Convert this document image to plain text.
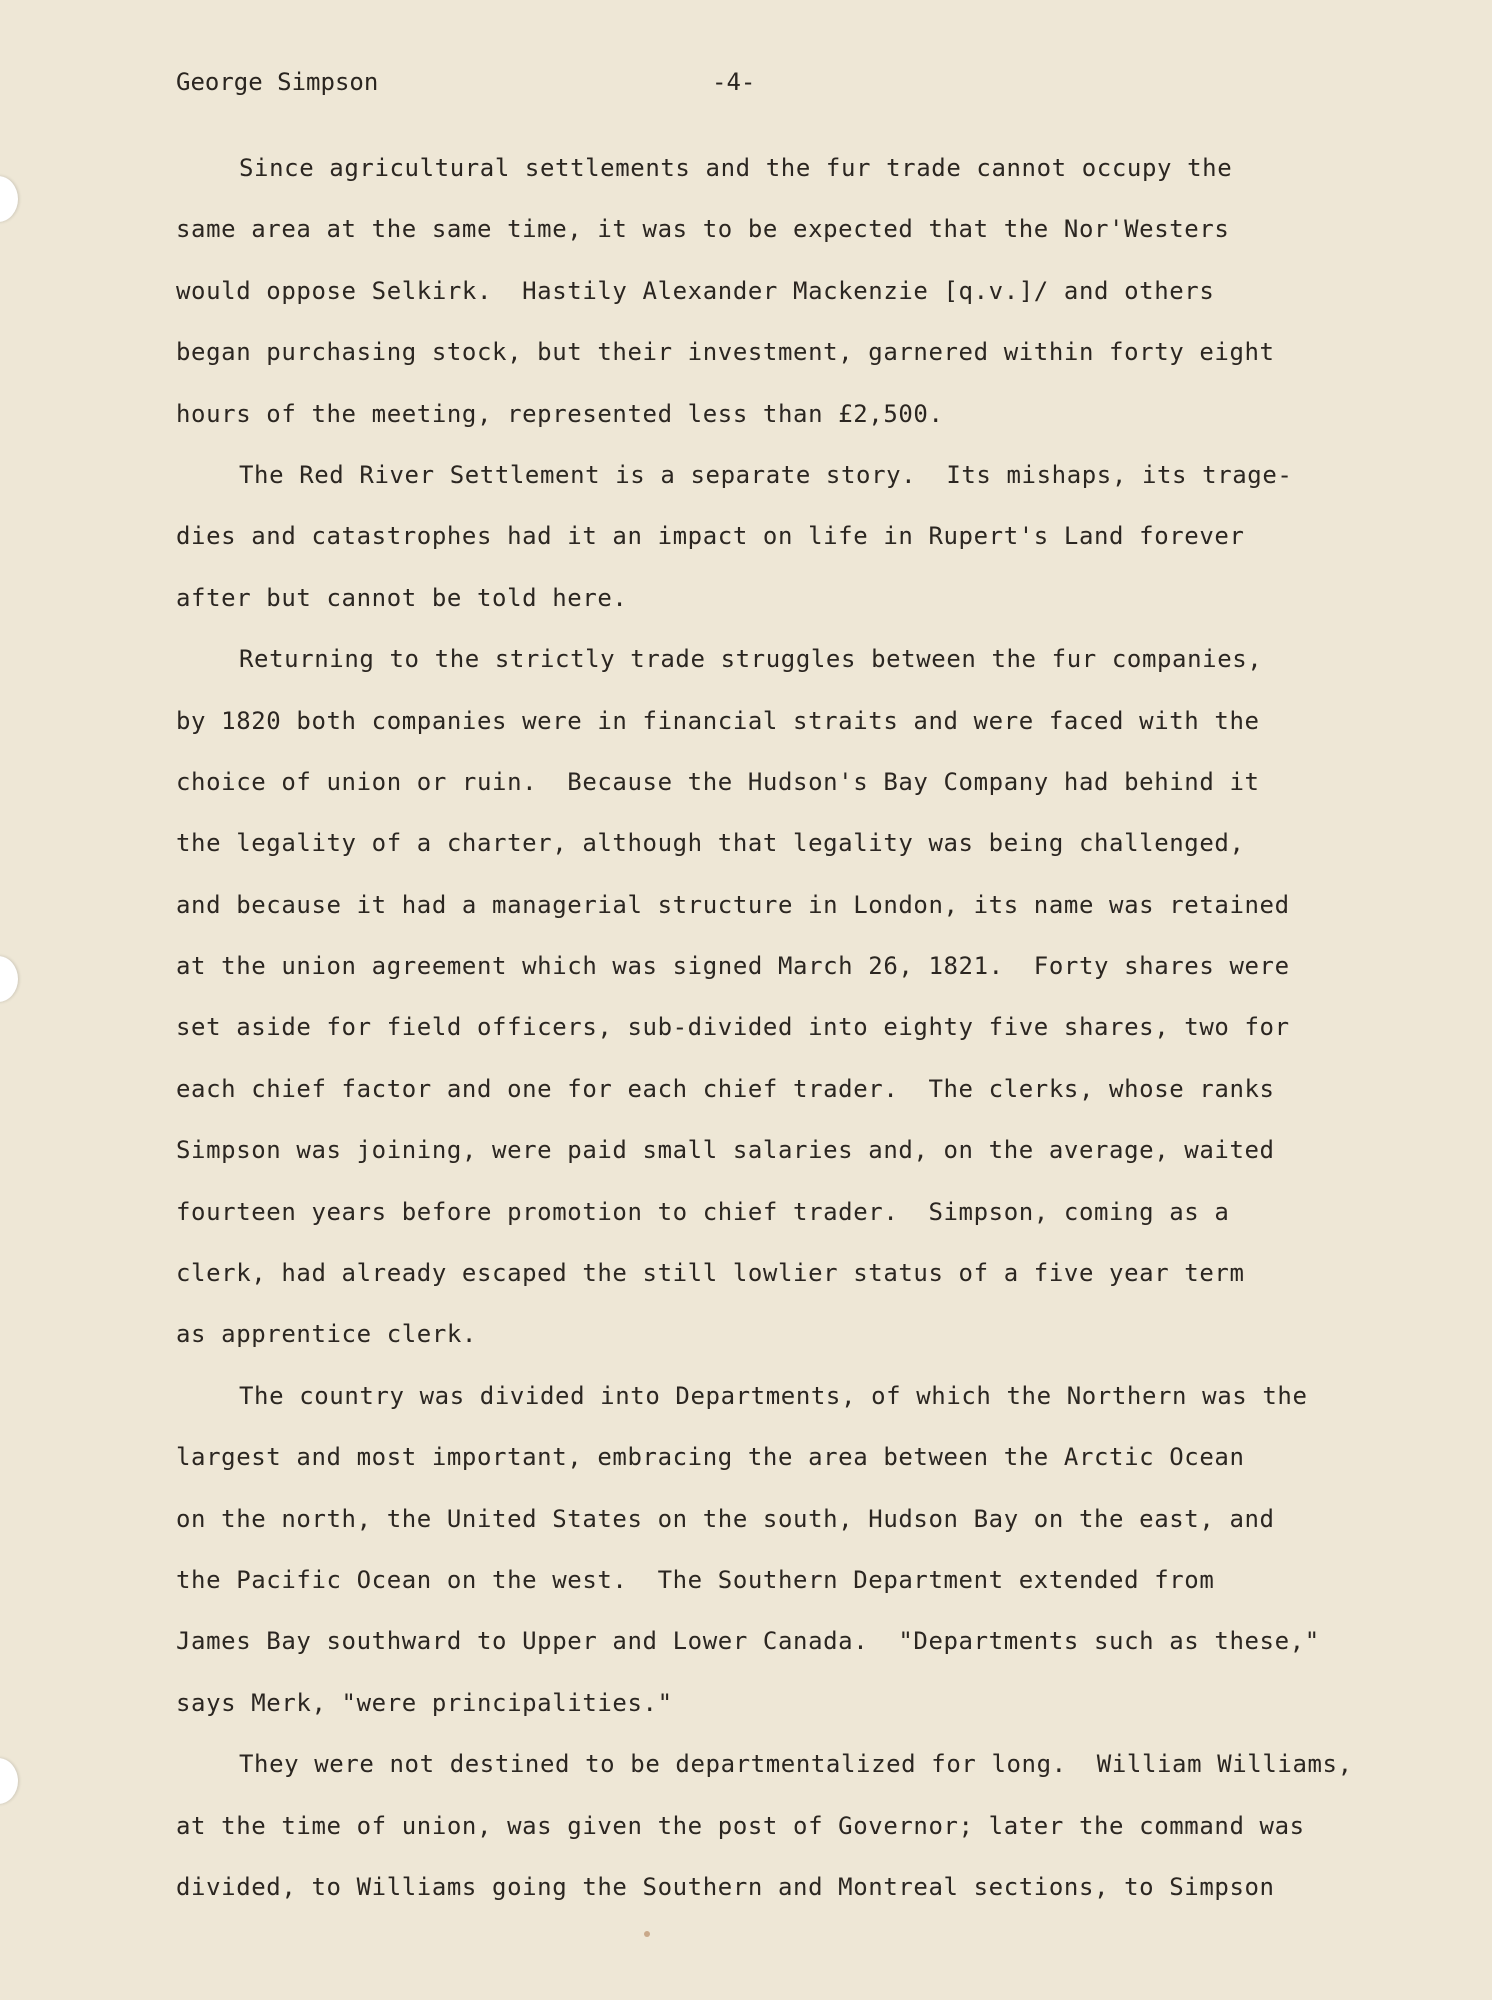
George Simpson	-4-
Since agricultural settlements and the fur trade cannot occupy the
same area at the same time, it was to be expected that the Nor'Westers
would oppose Selkirk.  Hastily Alexander Mackenzie [q.v.]/ and others
began purchasing stock, but their investment, garnered within forty eight
hours of the meeting, represented less than £2,500.
The Red River Settlement is a separate story.  Its mishaps, its trage-
dies and catastrophes had it an impact on life in Rupert's Land forever
after but cannot be told here.
Returning to the strictly trade struggles between the fur companies,
by 1820 both companies were in financial straits and were faced with the
choice of union or ruin.  Because the Hudson's Bay Company had behind it
the legality of a charter, although that legality was being challenged,
and because it had a managerial structure in London, its name was retained
at the union agreement which was signed March 26, 1821.  Forty shares were
set aside for field officers, sub-divided into eighty five shares, two for
each chief factor and one for each chief trader.  The clerks, whose ranks
Simpson was joining, were paid small salaries and, on the average, waited
fourteen years before promotion to chief trader.  Simpson, coming as a
clerk, had already escaped the still lowlier status of a five year term
as apprentice clerk.
The country was divided into Departments, of which the Northern was the
largest and most important, embracing the area between the Arctic Ocean
on the north, the United States on the south, Hudson Bay on the east, and
the Pacific Ocean on the west.  The Southern Department extended from
James Bay southward to Upper and Lower Canada.  "Departments such as these,"
says Merk, "were principalities."
They were not destined to be departmentalized for long.  William Williams,
at the time of union, was given the post of Governor; later the command was
divided, to Williams going the Southern and Montreal sections, to Simpson
